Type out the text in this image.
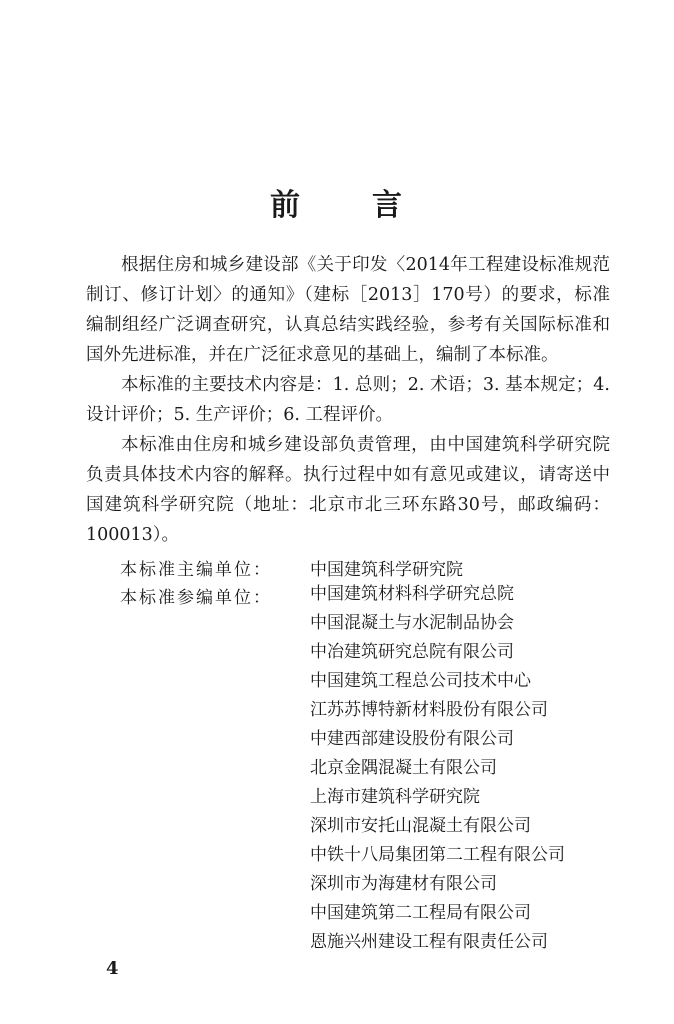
前 言

根据住房和城乡建设部《关于印发〈2014年工程建设标准规范制订、修订计划〉的通知》（建标［2013］170号）的要求，标准编制组经广泛调查研究，认真总结实践经验，参考有关国际标准和国外先进标准，并在广泛征求意见的基础上，编制了本标准。

本标准的主要技术内容是：1. 总则；2. 术语；3. 基本规定；4. 设计评价；5. 生产评价；6. 工程评价。

本标准由住房和城乡建设部负责管理，由中国建筑科学研究院负责具体技术内容的解释。执行过程中如有意见或建议，请寄送中国建筑科学研究院（地址：北京市北三环东路30号，邮政编码：100013）。

本标准主编单位：	中国建筑科学研究院
本标准参编单位：	中国建筑材料科学研究总院
中国混凝土与水泥制品协会
中冶建筑研究总院有限公司
中国建筑工程总公司技术中心
江苏苏博特新材料股份有限公司
中建西部建设股份有限公司
北京金隅混凝土有限公司
上海市建筑科学研究院
深圳市安托山混凝土有限公司
中铁十八局集团第二工程有限公司
深圳市为海建材有限公司
中国建筑第二工程局有限公司
恩施兴州建设工程有限责任公司
4
